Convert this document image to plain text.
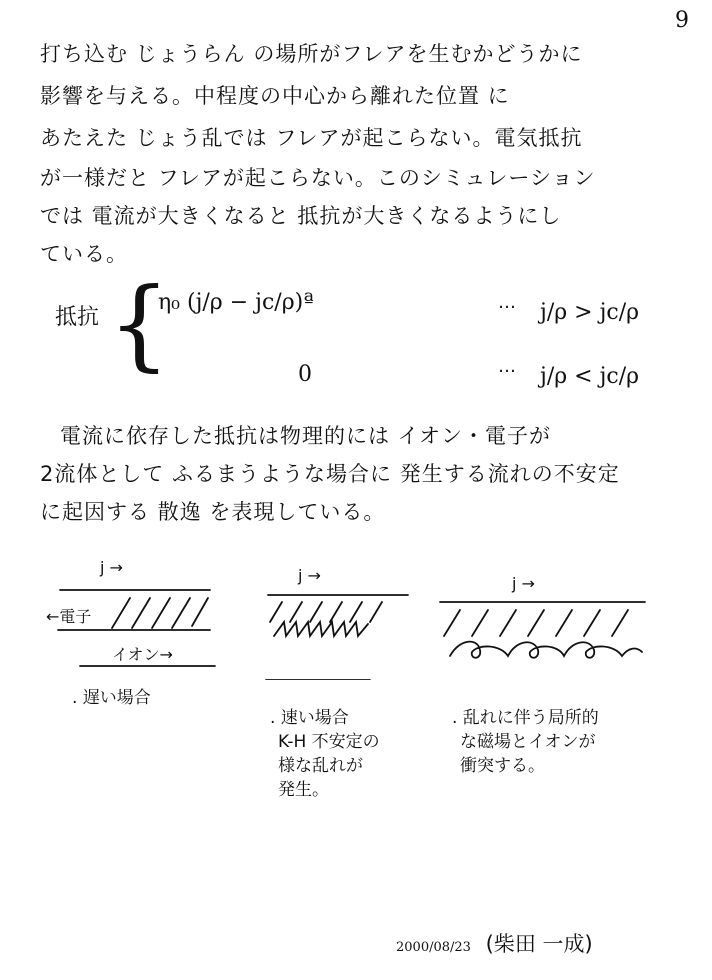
9
打ち込む じょうらん の場所がフレアを生むかどうかに
影響を与える。中程度の中心から離れた位置 に
あたえた じょう乱では フレアが起こらない。電気抵抗
が一様だと フレアが起こらない。このシミュレーション
では 電流が大きくなると 抵抗が大きくなるようにし
ている。
抵抗 {
η₀ (j/ρ − jc/ρ)ª	… j/ρ > jc/ρ
0	… j/ρ < jc/ρ
電流に依存した抵抗は物理的には イオン・電子が
2流体として ふるまうような場合に 発生する流れの不安定
に起因する 散逸 を表現している。
j →
←電子
イオン→
. 遅い場合
j →
. 速い場合
K-H 不安定の
様な乱れが
発生。
j →
. 乱れに伴う局所的
な磁場とイオンが
衝突する。
2000/08/23 (柴田 一成)
